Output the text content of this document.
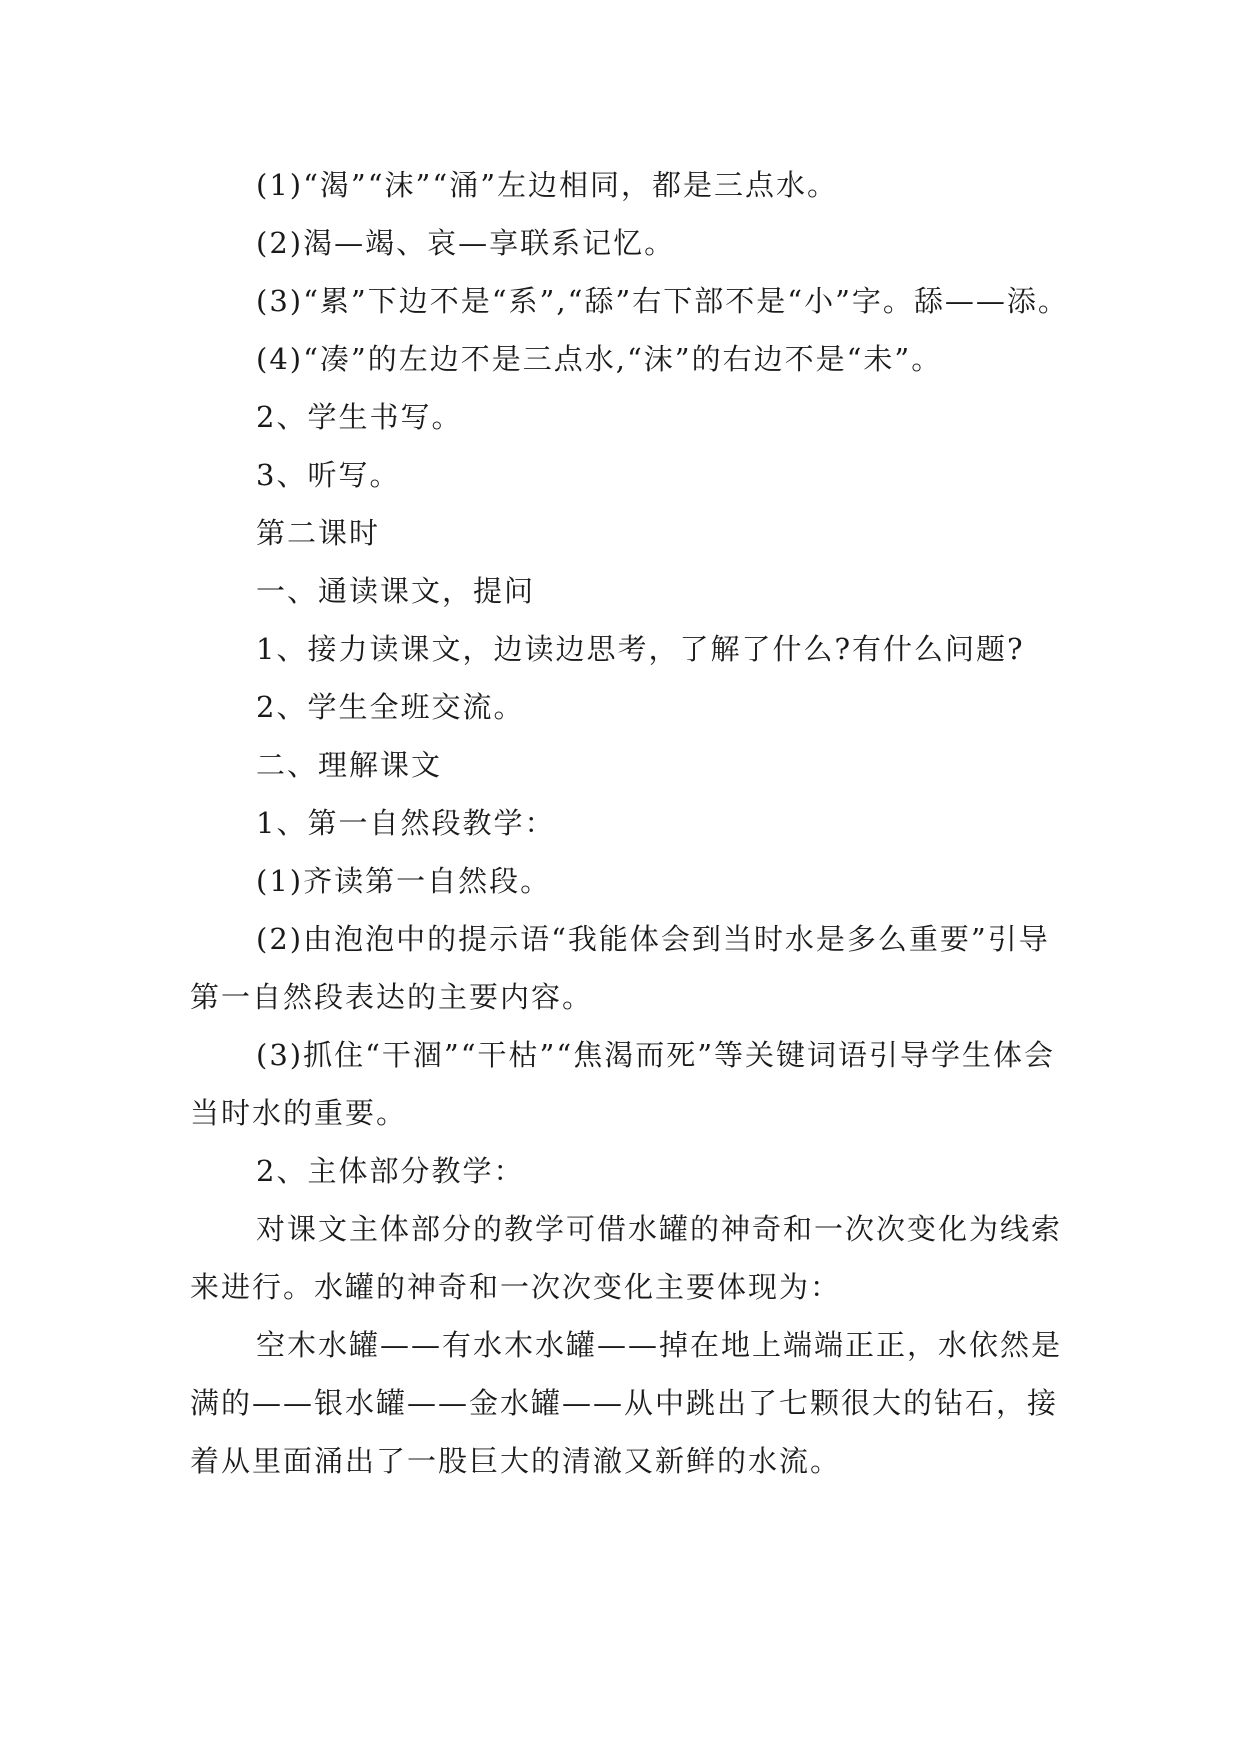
(1)“渴”“沫”“涌”左边相同，都是三点水。

(2)渴—竭、哀—享联系记忆。

(3)“累”下边不是“系”,“舔”右下部不是“小”字。舔——添。

(4)“凑”的左边不是三点水,“沫”的右边不是“未”。

2、学生书写。

3、听写。

第二课时

一、通读课文，提问

1、接力读课文，边读边思考，了解了什么?有什么问题?

2、学生全班交流。

二、理解课文

1、第一自然段教学：

(1)齐读第一自然段。

(2)由泡泡中的提示语“我能体会到当时水是多么重要”引导第一自然段表达的主要内容。

(3)抓住“干涸”“干枯”“焦渴而死”等关键词语引导学生体会当时水的重要。

2、主体部分教学：

对课文主体部分的教学可借水罐的神奇和一次次变化为线索来进行。水罐的神奇和一次次变化主要体现为：

空木水罐——有水木水罐——掉在地上端端正正，水依然是满的——银水罐——金水罐——从中跳出了七颗很大的钻石，接着从里面涌出了一股巨大的清澈又新鲜的水流。
